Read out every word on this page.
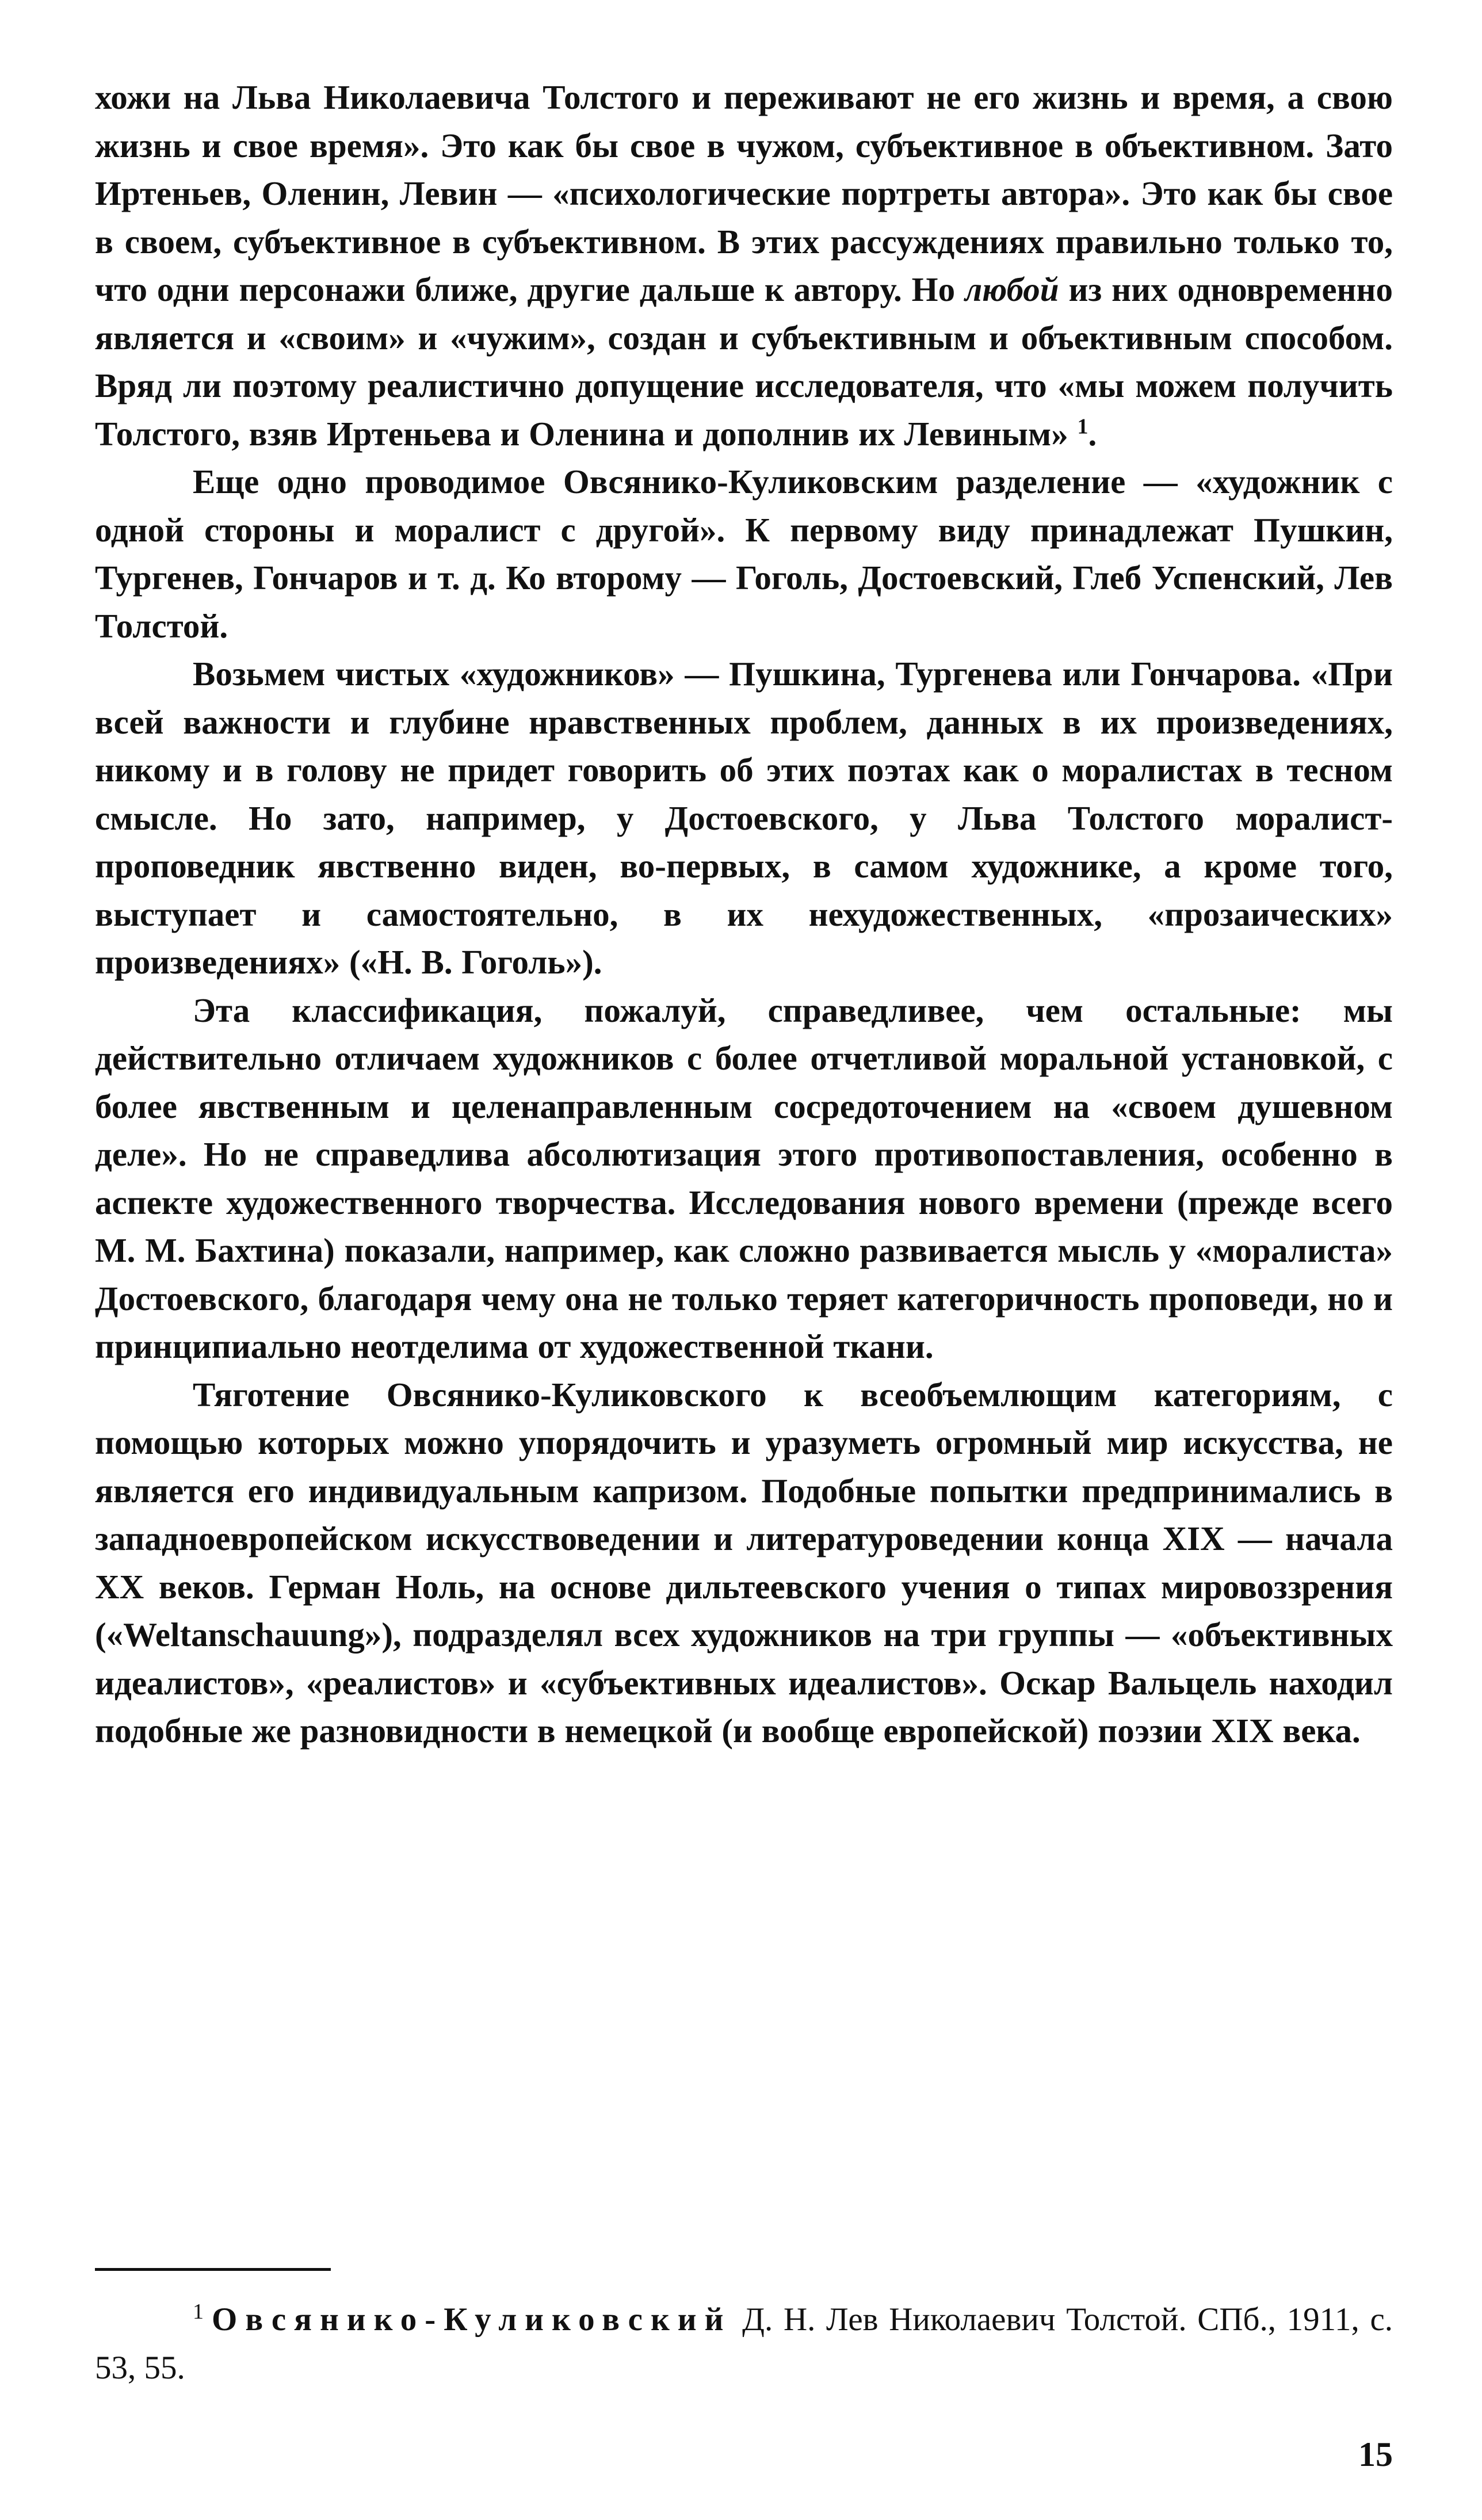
хожи на Льва Николаевича Толстого и переживают не его жизнь и время, а свою жизнь и свое время». Это как бы свое в чужом, субъективное в объективном. Зато Иртеньев, Оленин, Левин — «психологические портреты автора». Это как бы свое в своем, субъективное в субъективном. В этих рассуждениях правильно только то, что одни персонажи ближе, другие дальше к автору. Но любой из них одновременно является и «своим» и «чужим», создан и субъективным и объективным способом. Вряд ли поэтому реалистично допущение исследователя, что «мы можем получить Толстого, взяв Иртеньева и Оленина и дополнив их Левиным» $^1$.

Еще одно проводимое Овсянико-Куликовским разделение — «художник с одной стороны и моралист с другой». К первому виду принадлежат Пушкин, Тургенев, Гончаров и т. д. Ко второму — Гоголь, Достоевский, Глеб Успенский, Лев Толстой.

Возьмем чистых «художников» — Пушкина, Тургенева или Гончарова. «При всей важности и глубине нравственных проблем, данных в их произведениях, никому и в голову не придет говорить об этих поэтах как о моралистах в тесном смысле. Но зато, например, у Достоевского, у Льва Толстого моралист-проповедник явственно виден, во-первых, в самом художнике, а кроме того, выступает и самостоятельно, в их нехудожественных, «прозаических» произведениях» («Н. В. Гоголь»).

Эта классификация, пожалуй, справедливее, чем остальные: мы действительно отличаем художников с более отчетливой моральной установкой, с более явственным и целенаправленным сосредоточением на «своем душевном деле». Но не справедлива абсолютизация этого противопоставления, особенно в аспекте художественного творчества. Исследования нового времени (прежде всего М. М. Бахтина) показали, например, как сложно развивается мысль у «моралиста» Достоевского, благодаря чему она не только теряет категоричность проповеди, но и принципиально неотделима от художественной ткани.

Тяготение Овсянико-Куликовского к всеобъемлющим категориям, с помощью которых можно упорядочить и уразуметь огромный мир искусства, не является его индивидуальным капризом. Подобные попытки предпринимались в западноевропейском искусствоведении и литературоведении конца XIX — начала XX веков. Герман Ноль, на основе дильтеевского учения о типах мировоззрения («Weltanschauung»), подразделял всех художников на три группы — «объективных идеалистов», «реалистов» и «субъективных идеалистов». Оскар Вальцель находил подобные же разновидности в немецкой (и вообще европейской) поэзии XIX века.

$^1$ Овсянико-Куликовский Д. Н. Лев Николаевич Толстой. СПб., 1911, с. 53, 55.

15
